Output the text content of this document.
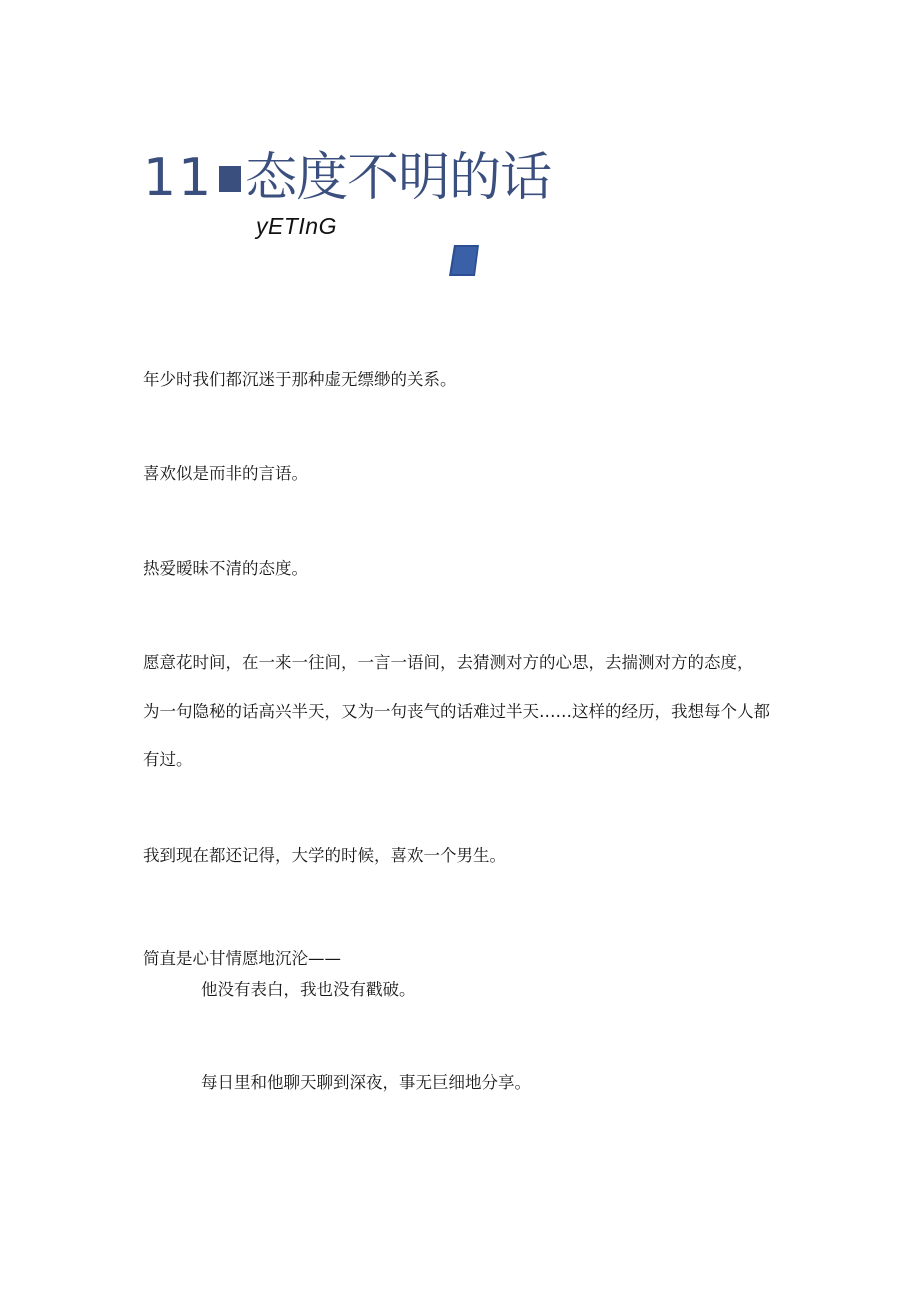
11 态度不明的话
yETInG
年少时我们都沉迷于那种虚无缥缈的关系。
喜欢似是而非的言语。
热爱暧昧不清的态度。
愿意花时间，在一来一往间，一言一语间，去猜测对方的心思，去揣测对方的态度，
为一句隐秘的话高兴半天，又为一句丧气的话难过半天……这样的经历，我想每个人都
有过。
我到现在都还记得，大学的时候，喜欢一个男生。
简直是心甘情愿地沉沦——
他没有表白，我也没有戳破。
每日里和他聊天聊到深夜，事无巨细地分享。
